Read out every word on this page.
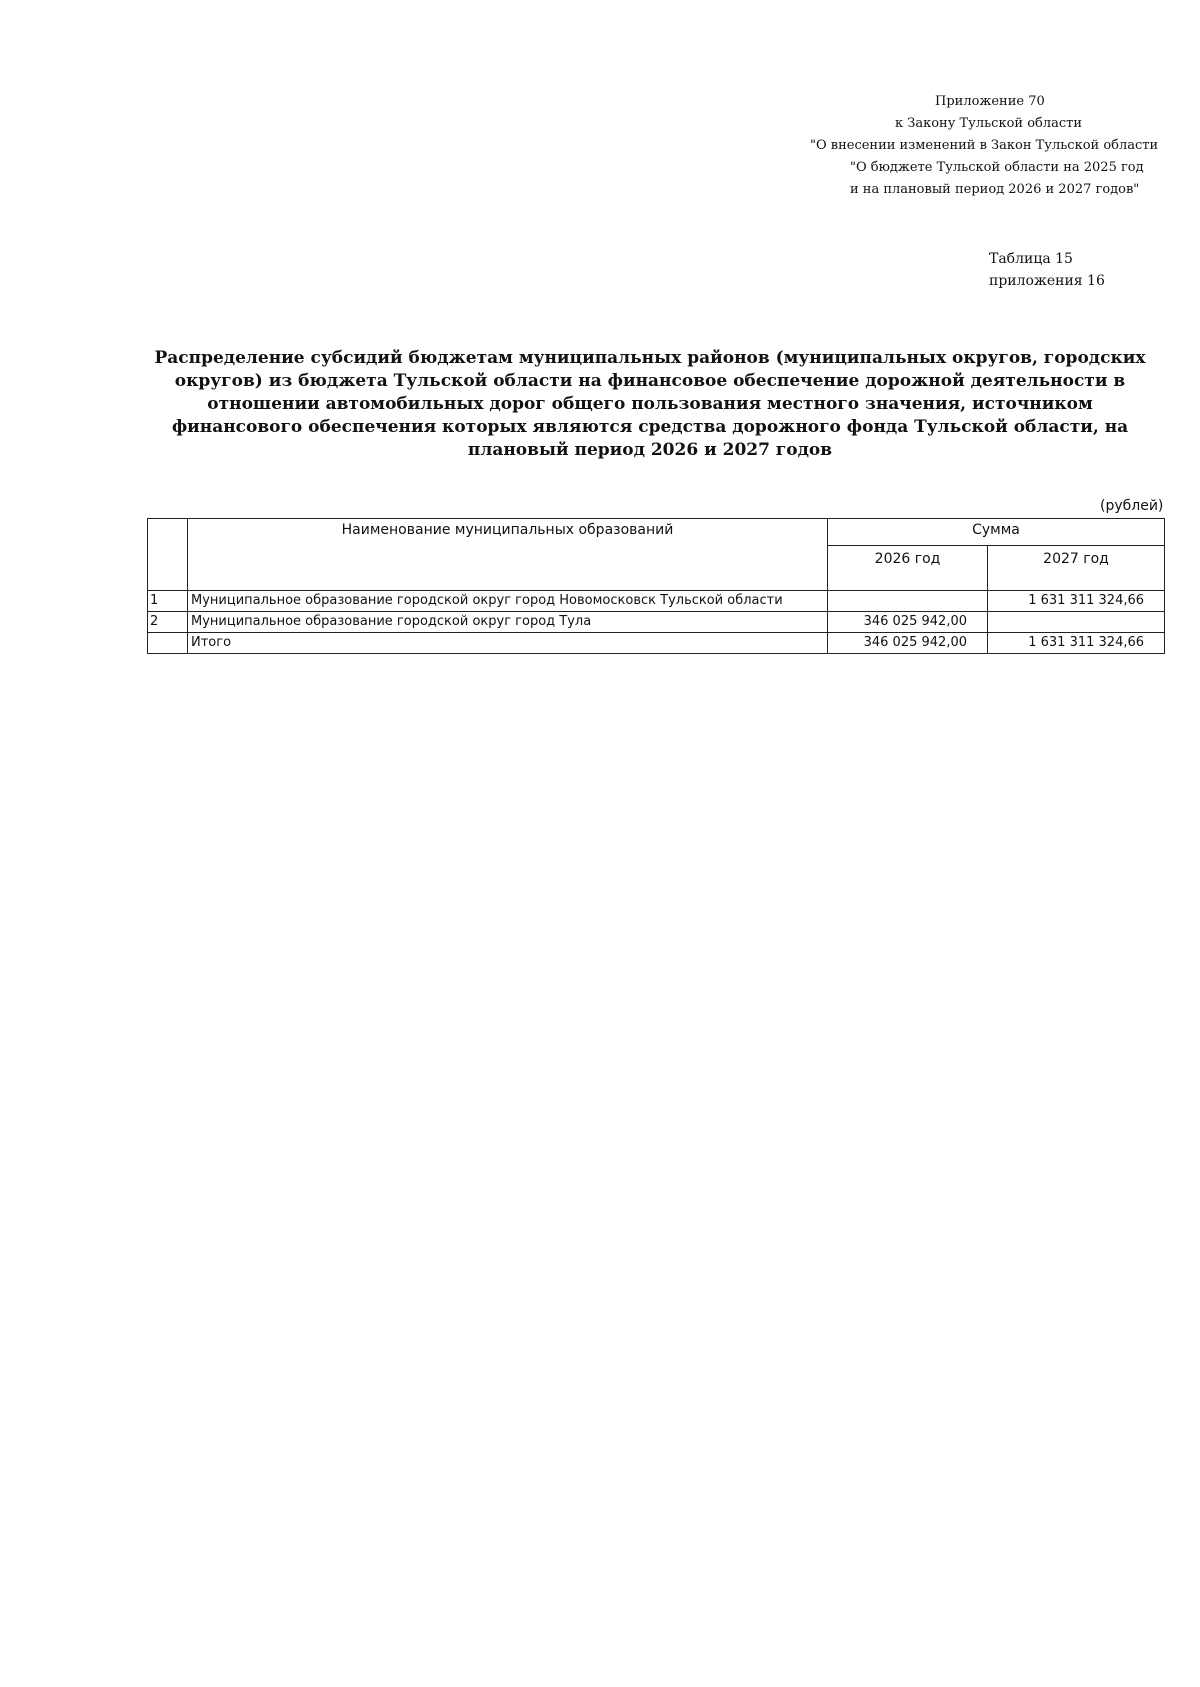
Приложение 70
к Закону Тульской области
"О внесении изменений в Закон Тульской области
"О бюджете Тульской области на 2025 год
и на плановый период 2026 и 2027 годов"
Таблица 15
приложения 16
Распределение субсидий бюджетам муниципальных районов (муниципальных округов, городских округов) из бюджета Тульской области на финансовое обеспечение дорожной деятельности в отношении автомобильных дорог общего пользования местного значения, источником финансового обеспечения которых являются средства дорожного фонда Тульской области, на плановый период 2026 и 2027 годов
(рублей)
	Наименование муниципальных образований	Сумма	
		2026 год	2027 год
1	Муниципальное образование городской округ город Новомосковск Тульской области		1 631 311 324,66
2	Муниципальное образование городской округ город Тула	346 025 942,00	
	Итого	346 025 942,00	1 631 311 324,66
